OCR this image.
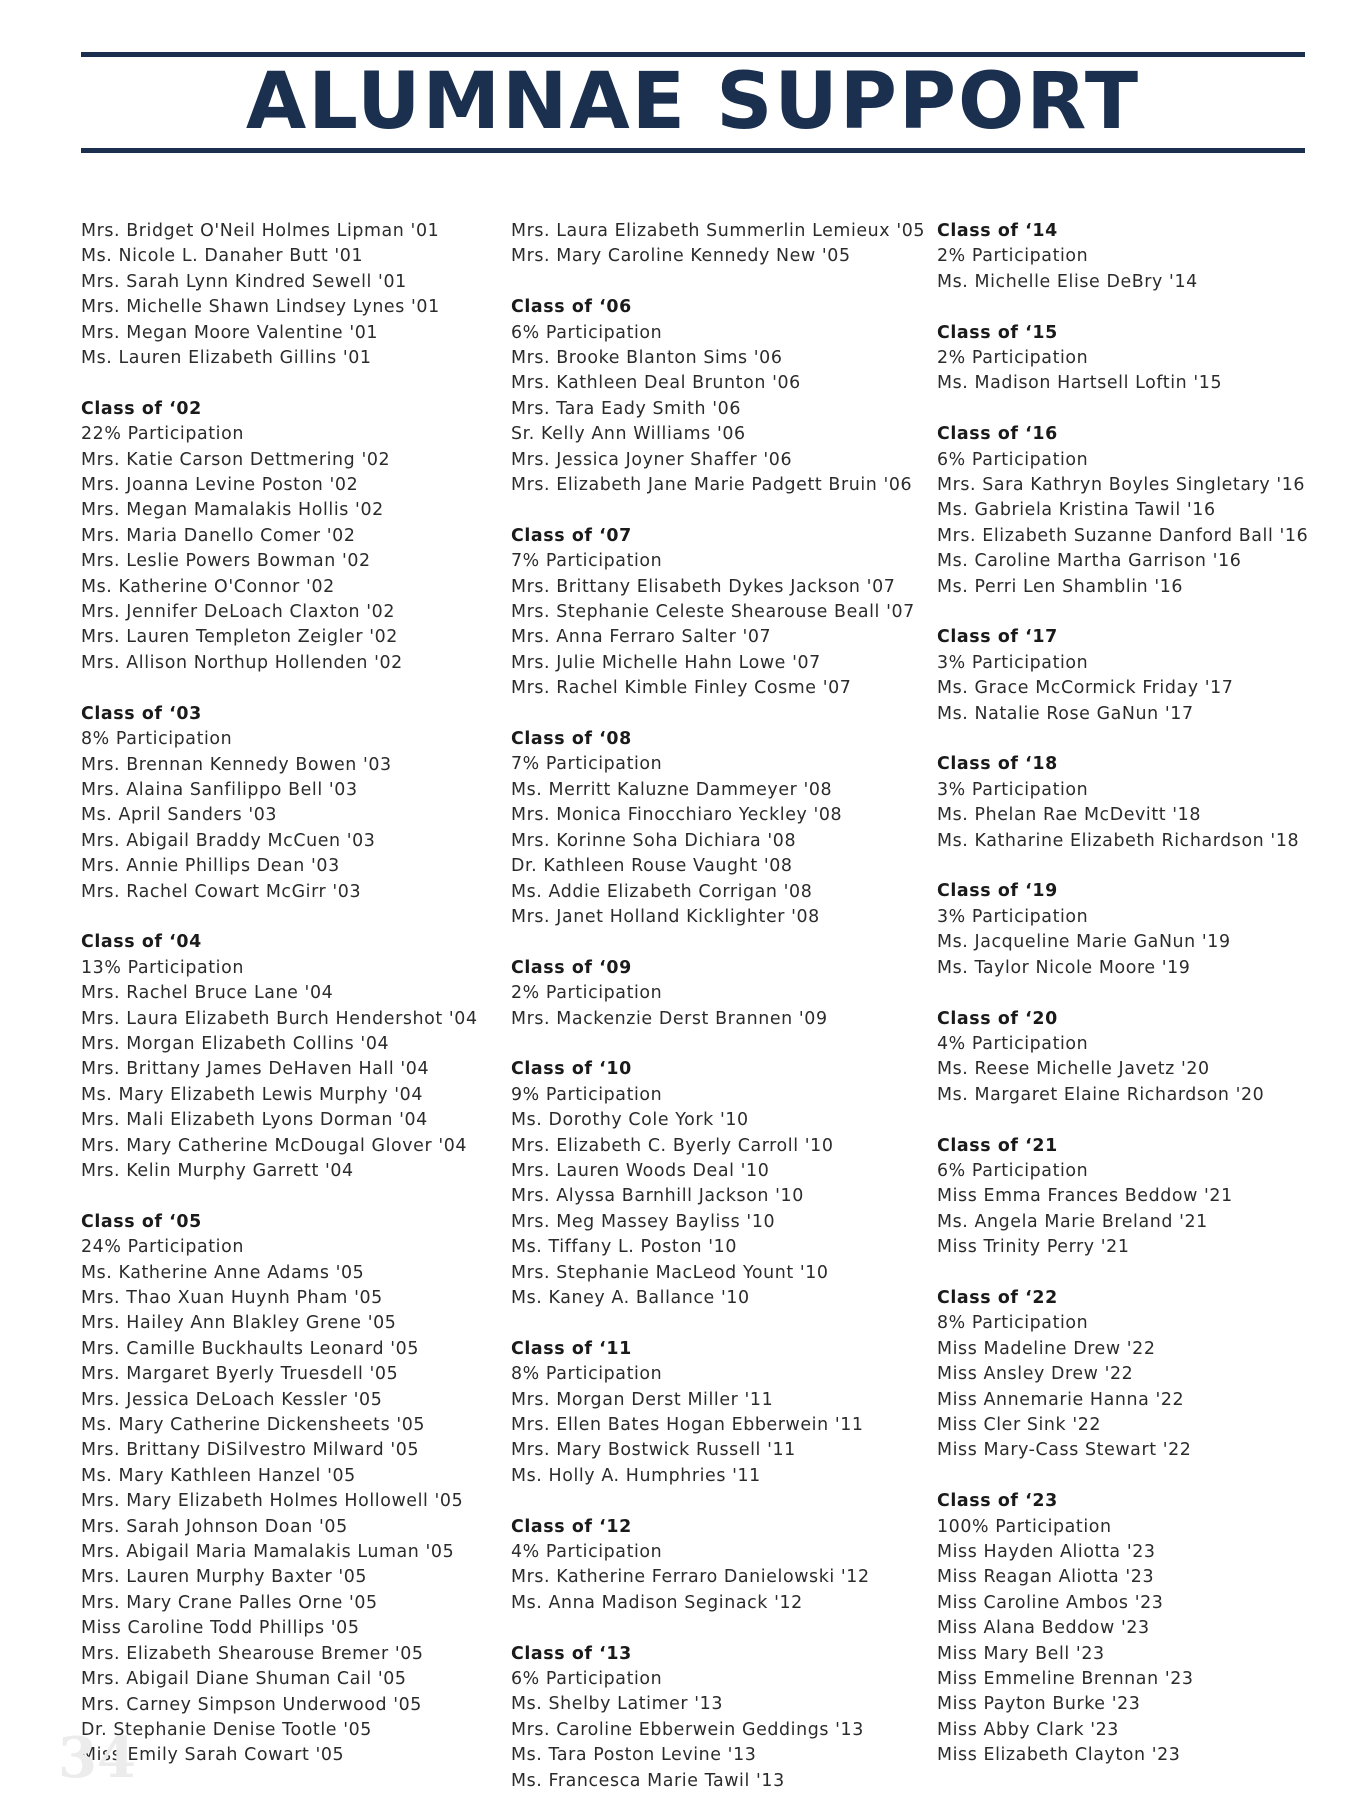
ALUMNAE SUPPORT
Mrs. Bridget O'Neil Holmes Lipman '01
Ms. Nicole L. Danaher Butt '01
Mrs. Sarah Lynn Kindred Sewell '01
Mrs. Michelle Shawn Lindsey Lynes '01
Mrs. Megan Moore Valentine '01
Ms. Lauren Elizabeth Gillins '01
Class of ‘02
22% Participation
Mrs. Katie Carson Dettmering '02
Mrs. Joanna Levine Poston '02
Mrs. Megan Mamalakis Hollis '02
Mrs. Maria Danello Comer '02
Mrs. Leslie Powers Bowman '02
Ms. Katherine O'Connor '02
Mrs. Jennifer DeLoach Claxton '02
Mrs. Lauren Templeton Zeigler '02
Mrs. Allison Northup Hollenden '02
Class of ‘03
8% Participation
Mrs. Brennan Kennedy Bowen '03
Mrs. Alaina Sanfilippo Bell '03
Ms. April Sanders '03
Mrs. Abigail Braddy McCuen '03
Mrs. Annie Phillips Dean '03
Mrs. Rachel Cowart McGirr '03
Class of ‘04
13% Participation
Mrs. Rachel Bruce Lane '04
Mrs. Laura Elizabeth Burch Hendershot '04
Mrs. Morgan Elizabeth Collins '04
Mrs. Brittany James DeHaven Hall '04
Ms. Mary Elizabeth Lewis Murphy '04
Mrs. Mali Elizabeth Lyons Dorman '04
Mrs. Mary Catherine McDougal Glover '04
Mrs. Kelin Murphy Garrett '04
Class of ‘05
24% Participation
Ms. Katherine Anne Adams '05
Mrs. Thao Xuan Huynh Pham '05
Mrs. Hailey Ann Blakley Grene '05
Mrs. Camille Buckhaults Leonard '05
Mrs. Margaret Byerly Truesdell '05
Mrs. Jessica DeLoach Kessler '05
Ms. Mary Catherine Dickensheets '05
Mrs. Brittany DiSilvestro Milward '05
Ms. Mary Kathleen Hanzel '05
Mrs. Mary Elizabeth Holmes Hollowell '05
Mrs. Sarah Johnson Doan '05
Mrs. Abigail Maria Mamalakis Luman '05
Mrs. Lauren Murphy Baxter '05
Mrs. Mary Crane Palles Orne '05
Miss Caroline Todd Phillips '05
Mrs. Elizabeth Shearouse Bremer '05
Mrs. Abigail Diane Shuman Cail '05
Mrs. Carney Simpson Underwood '05
Dr. Stephanie Denise Tootle '05
Miss Emily Sarah Cowart '05
Mrs. Laura Elizabeth Summerlin Lemieux '05
Mrs. Mary Caroline Kennedy New '05
Class of ‘06
6% Participation
Mrs. Brooke Blanton Sims '06
Mrs. Kathleen Deal Brunton '06
Mrs. Tara Eady Smith '06
Sr. Kelly Ann Williams '06
Mrs. Jessica Joyner Shaffer '06
Mrs. Elizabeth Jane Marie Padgett Bruin '06
Class of ‘07
7% Participation
Mrs. Brittany Elisabeth Dykes Jackson '07
Mrs. Stephanie Celeste Shearouse Beall '07
Mrs. Anna Ferraro Salter '07
Mrs. Julie Michelle Hahn Lowe '07
Mrs. Rachel Kimble Finley Cosme '07
Class of ‘08
7% Participation
Ms. Merritt Kaluzne Dammeyer '08
Mrs. Monica Finocchiaro Yeckley '08
Mrs. Korinne Soha Dichiara '08
Dr. Kathleen Rouse Vaught '08
Ms. Addie Elizabeth Corrigan '08
Mrs. Janet Holland Kicklighter '08
Class of ‘09
2% Participation
Mrs. Mackenzie Derst Brannen '09
Class of ‘10
9% Participation
Ms. Dorothy Cole York '10
Mrs. Elizabeth C. Byerly Carroll '10
Mrs. Lauren Woods Deal '10
Mrs. Alyssa Barnhill Jackson '10
Mrs. Meg Massey Bayliss '10
Ms. Tiffany L. Poston '10
Mrs. Stephanie MacLeod Yount '10
Ms. Kaney A. Ballance '10
Class of ‘11
8% Participation
Mrs. Morgan Derst Miller '11
Mrs. Ellen Bates Hogan Ebberwein '11
Mrs. Mary Bostwick Russell '11
Ms. Holly A. Humphries '11
Class of ‘12
4% Participation
Mrs. Katherine Ferraro Danielowski '12
Ms. Anna Madison Seginack '12
Class of ‘13
6% Participation
Ms. Shelby Latimer '13
Mrs. Caroline Ebberwein Geddings '13
Ms. Tara Poston Levine '13
Ms. Francesca Marie Tawil '13
Class of ‘14
2% Participation
Ms. Michelle Elise DeBry '14
Class of ‘15
2% Participation
Ms. Madison Hartsell Loftin '15
Class of ‘16
6% Participation
Mrs. Sara Kathryn Boyles Singletary '16
Ms. Gabriela Kristina Tawil '16
Mrs. Elizabeth Suzanne Danford Ball '16
Ms. Caroline Martha Garrison '16
Ms. Perri Len Shamblin '16
Class of ‘17
3% Participation
Ms. Grace McCormick Friday '17
Ms. Natalie Rose GaNun '17
Class of ‘18
3% Participation
Ms. Phelan Rae McDevitt '18
Ms. Katharine Elizabeth Richardson '18
Class of ‘19
3% Participation
Ms. Jacqueline Marie GaNun '19
Ms. Taylor Nicole Moore '19
Class of ‘20
4% Participation
Ms. Reese Michelle Javetz '20
Ms. Margaret Elaine Richardson '20
Class of ‘21
6% Participation
Miss Emma Frances Beddow '21
Ms. Angela Marie Breland '21
Miss Trinity Perry '21
Class of ‘22
8% Participation
Miss Madeline Drew '22
Miss Ansley Drew '22
Miss Annemarie Hanna '22
Miss Cler Sink '22
Miss Mary-Cass Stewart '22
Class of ‘23
100% Participation
Miss Hayden Aliotta '23
Miss Reagan Aliotta '23
Miss Caroline Ambos '23
Miss Alana Beddow '23
Miss Mary Bell '23
Miss Emmeline Brennan '23
Miss Payton Burke '23
Miss Abby Clark '23
Miss Elizabeth Clayton '23
34
